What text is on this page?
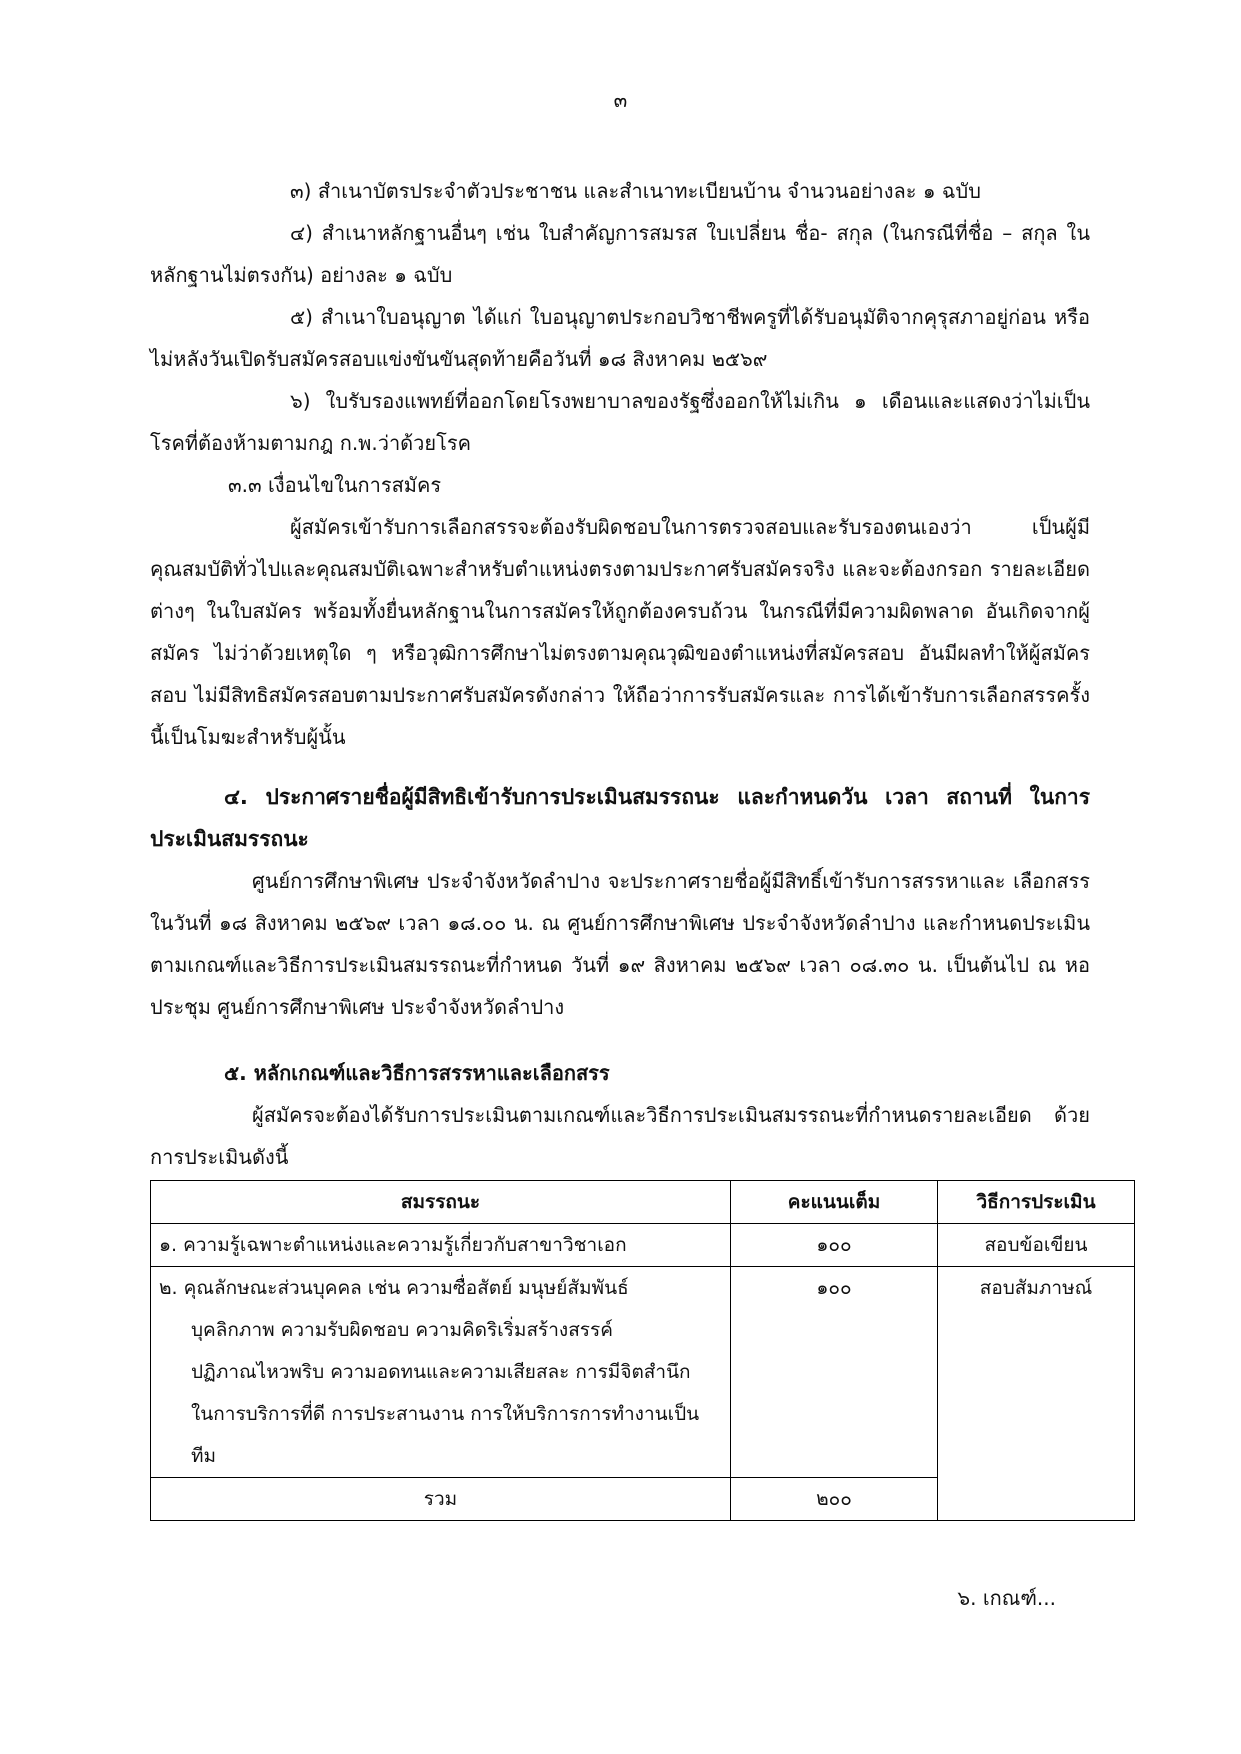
๓

๓) สำเนาบัตรประจำตัวประชาชน และสำเนาทะเบียนบ้าน จำนวนอย่างละ ๑ ฉบับ

๔) สำเนาหลักฐานอื่นๆ เช่น ใบสำคัญการสมรส ใบเปลี่ยน ชื่อ- สกุล (ในกรณีที่ชื่อ – สกุล ในหลักฐานไม่ตรงกัน) อย่างละ ๑ ฉบับ

๕) สำเนาใบอนุญาต ได้แก่ ใบอนุญาตประกอบวิชาชีพครูที่ได้รับอนุมัติจากคุรุสภาอยู่ก่อน หรือไม่หลังวันเปิดรับสมัครสอบแข่งขันขันสุดท้ายคือวันที่ ๑๘ สิงหาคม ๒๕๖๙

๖) ใบรับรองแพทย์ที่ออกโดยโรงพยาบาลของรัฐซึ่งออกให้ไม่เกิน ๑ เดือนและแสดงว่าไม่เป็น โรคที่ต้องห้ามตามกฎ ก.พ.ว่าด้วยโรค

๓.๓ เงื่อนไขในการสมัคร

ผู้สมัครเข้ารับการเลือกสรรจะต้องรับผิดชอบในการตรวจสอบและรับรองตนเองว่า เป็นผู้มีคุณสมบัติทั่วไปและคุณสมบัติเฉพาะสำหรับตำแหน่งตรงตามประกาศรับสมัครจริง และจะต้องกรอก รายละเอียดต่างๆ ในใบสมัคร พร้อมทั้งยื่นหลักฐานในการสมัครให้ถูกต้องครบถ้วน ในกรณีที่มีความผิดพลาด อันเกิดจากผู้สมัคร ไม่ว่าด้วยเหตุใด ๆ หรือวุฒิการศึกษาไม่ตรงตามคุณวุฒิของตำแหน่งที่สมัครสอบ อันมีผลทำให้ผู้สมัครสอบ ไม่มีสิทธิสมัครสอบตามประกาศรับสมัครดังกล่าว ให้ถือว่าการรับสมัครและ การได้เข้ารับการเลือกสรรครั้งนี้เป็นโมฆะสำหรับผู้นั้น

๔. ประกาศรายชื่อผู้มีสิทธิเข้ารับการประเมินสมรรถนะ และกำหนดวัน เวลา สถานที่ ในการประเมินสมรรถนะ

ศูนย์การศึกษาพิเศษ ประจำจังหวัดลำปาง จะประกาศรายชื่อผู้มีสิทธิ์เข้ารับการสรรหาและ เลือกสรร ในวันที่ ๑๘ สิงหาคม ๒๕๖๙ เวลา ๑๘.๐๐ น. ณ ศูนย์การศึกษาพิเศษ ประจำจังหวัดลำปาง และกำหนดประเมินตามเกณฑ์และวิธีการประเมินสมรรถนะที่กำหนด วันที่ ๑๙ สิงหาคม ๒๕๖๙ เวลา ๐๘.๓๐ น. เป็นต้นไป ณ หอประชุม ศูนย์การศึกษาพิเศษ ประจำจังหวัดลำปาง

๕. หลักเกณฑ์และวิธีการสรรหาและเลือกสรร

ผู้สมัครจะต้องได้รับการประเมินตามเกณฑ์และวิธีการประเมินสมรรถนะที่กำหนดรายละเอียด ด้วยการประเมินดังนี้

สมรรถนะ	คะแนนเต็ม	วิธีการประเมิน
๑. ความรู้เฉพาะตำแหน่งและความรู้เกี่ยวกับสาขาวิชาเอก	๑๐๐	สอบข้อเขียน

๒. คุณลักษณะส่วนบุคคล เช่น ความซื่อสัตย์ มนุษย์สัมพันธ์
บุคลิกภาพ ความรับผิดชอบ ความคิดริเริ่มสร้างสรรค์
ปฏิภาณไหวพริบ ความอดทนและความเสียสละ การมีจิตสำนึก
ในการบริการที่ดี การประสานงาน การให้บริการการทำงานเป็นทีม	๑๐๐	สอบสัมภาษณ์
รวม	๒๐๐	
๖. เกณฑ์...
